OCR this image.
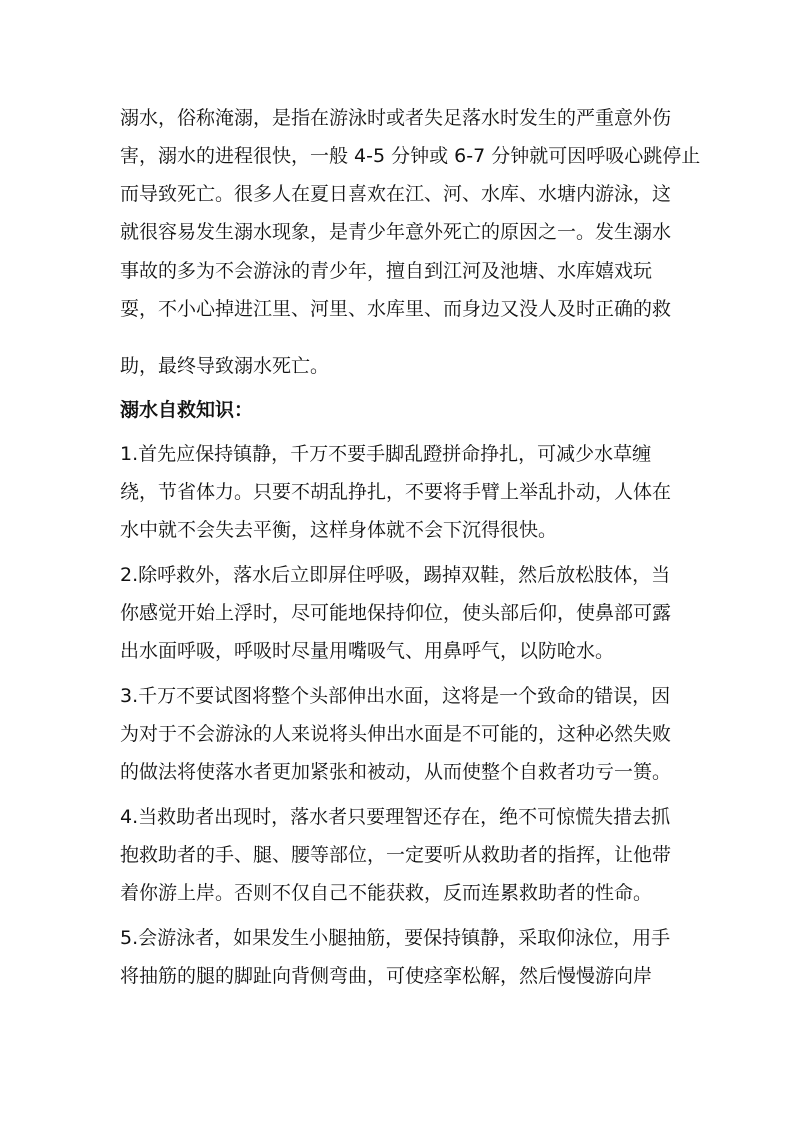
溺水，俗称淹溺，是指在游泳时或者失足落水时发生的严重意外伤
害，溺水的进程很快，一般 4-5 分钟或 6-7 分钟就可因呼吸心跳停止
而导致死亡。很多人在夏日喜欢在江、河、水库、水塘内游泳，这
就很容易发生溺水现象，是青少年意外死亡的原因之一。发生溺水
事故的多为不会游泳的青少年，擅自到江河及池塘、水库嬉戏玩
耍，不小心掉进江里、河里、水库里、而身边又没人及时正确的救
助，最终导致溺水死亡。
溺水自救知识：
1.首先应保持镇静，千万不要手脚乱蹬拼命挣扎，可减少水草缠
绕，节省体力。只要不胡乱挣扎，不要将手臂上举乱扑动，人体在
水中就不会失去平衡，这样身体就不会下沉得很快。
2.除呼救外，落水后立即屏住呼吸，踢掉双鞋，然后放松肢体，当
你感觉开始上浮时，尽可能地保持仰位，使头部后仰，使鼻部可露
出水面呼吸，呼吸时尽量用嘴吸气、用鼻呼气，以防呛水。
3.千万不要试图将整个头部伸出水面，这将是一个致命的错误，因
为对于不会游泳的人来说将头伸出水面是不可能的，这种必然失败
的做法将使落水者更加紧张和被动，从而使整个自救者功亏一篑。
4.当救助者出现时，落水者只要理智还存在，绝不可惊慌失措去抓
抱救助者的手、腿、腰等部位，一定要听从救助者的指挥，让他带
着你游上岸。否则不仅自己不能获救，反而连累救助者的性命。
5.会游泳者，如果发生小腿抽筋，要保持镇静，采取仰泳位，用手
将抽筋的腿的脚趾向背侧弯曲，可使痉挛松解，然后慢慢游向岸
